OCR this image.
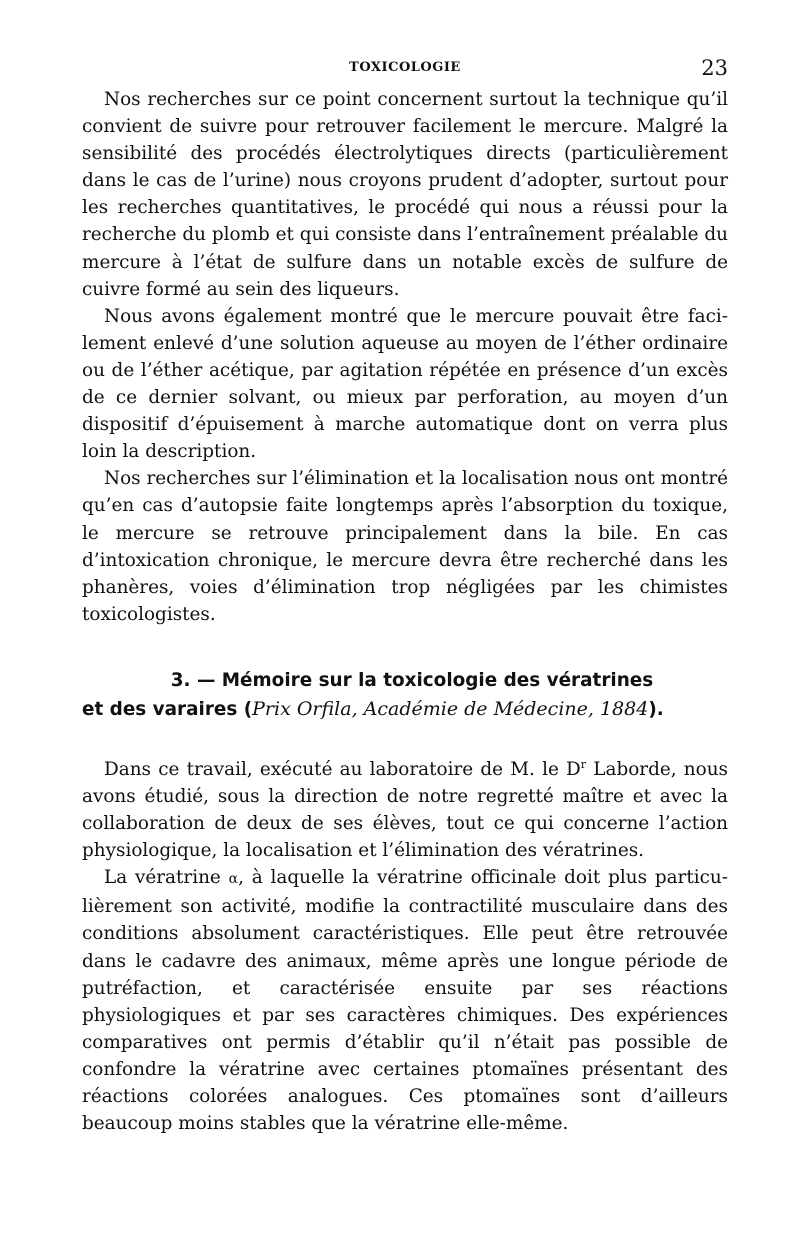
TOXICOLOGIE	23

Nos recherches sur ce point concernent surtout la technique qu’il convient de suivre pour retrouver facilement le mercure. Malgré la sensibilité des procédés électrolytiques directs (particulièrement dans le cas de l’urine) nous croyons prudent d’adopter, surtout pour les recherches quantitatives, le procédé qui nous a réussi pour la recherche du plomb et qui consiste dans l’entraînement préalable du mercure à l’état de sulfure dans un notable excès de sulfure de cuivre formé au sein des liqueurs.

Nous avons également montré que le mercure pouvait être facilement enlevé d’une solution aqueuse au moyen de l’éther ordinaire ou de l’éther acétique, par agitation répétée en présence d’un excès de ce dernier solvant, ou mieux par perforation, au moyen d’un dispositif d’épuisement à marche automatique dont on verra plus loin la description.

Nos recherches sur l’élimination et la localisation nous ont montré qu’en cas d’autopsie faite longtemps après l’absorption du toxique, le mercure se retrouve principalement dans la bile. En cas d’intoxication chronique, le mercure devra être recherché dans les phanères, voies d’élimination trop négligées par les chimistes toxicologistes.

3. — Mémoire sur la toxicologie des vératrines
et des varaires (Prix Orfila, Académie de Médecine, 1884).

Dans ce travail, exécuté au laboratoire de M. le $D^r$ Laborde, nous avons étudié, sous la direction de notre regretté maître et avec la collaboration de deux de ses élèves, tout ce qui concerne l’action physiologique, la localisation et l’élimination des vératrines.

La vératrine α, à laquelle la vératrine officinale doit plus particulièrement son activité, modifie la contractilité musculaire dans des conditions absolument caractéristiques. Elle peut être retrouvée dans le cadavre des animaux, même après une longue période de putréfaction, et caractérisée ensuite par ses réactions physiologiques et par ses caractères chimiques. Des expériences comparatives ont permis d’établir qu’il n’était pas possible de confondre la vératrine avec certaines ptomaïnes présentant des réactions colorées analogues. Ces ptomaïnes sont d’ailleurs beaucoup moins stables que la vératrine elle-même.
